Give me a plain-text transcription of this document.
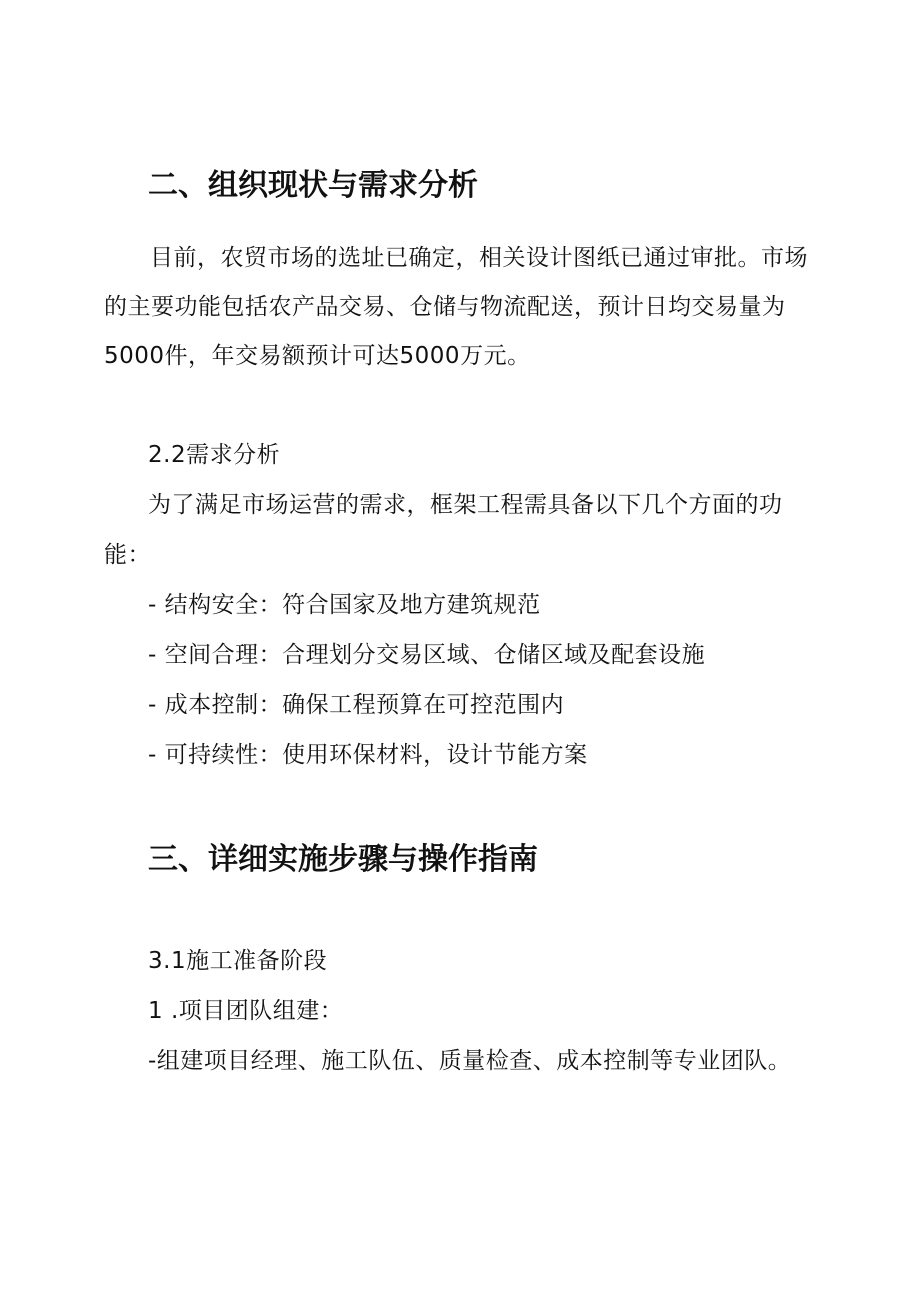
二、组织现状与需求分析
目前，农贸市场的选址已确定，相关设计图纸已通过审批。市场
的主要功能包括农产品交易、仓储与物流配送，预计日均交易量为
5000件，年交易额预计可达5000万元。
2.2需求分析
为了满足市场运营的需求，框架工程需具备以下几个方面的功
能：
- 结构安全：符合国家及地方建筑规范
- 空间合理：合理划分交易区域、仓储区域及配套设施
- 成本控制：确保工程预算在可控范围内
- 可持续性：使用环保材料，设计节能方案
三、详细实施步骤与操作指南
3.1施工准备阶段
1 .项目团队组建：
-组建项目经理、施工队伍、质量检查、成本控制等专业团队。
